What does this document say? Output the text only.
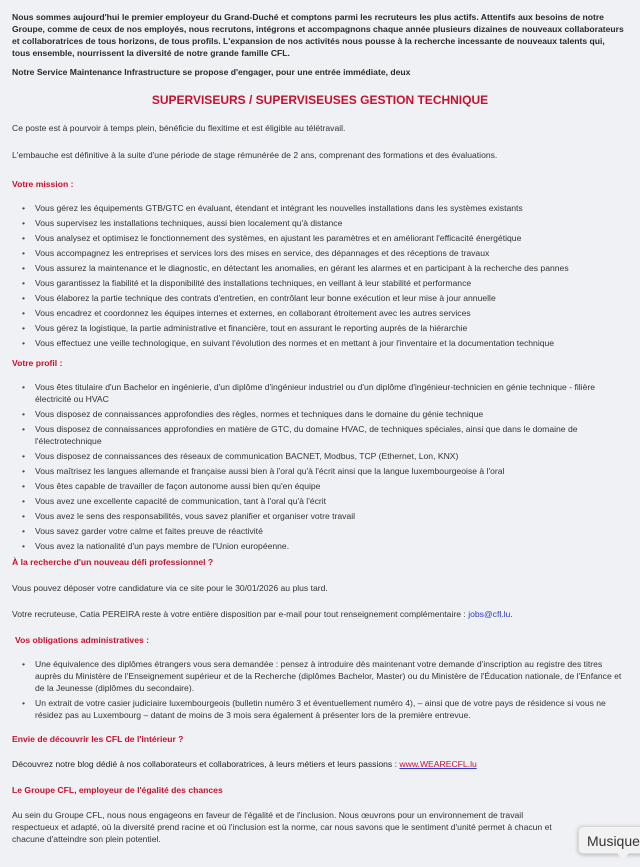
Nous sommes aujourd'hui le premier employeur du Grand-Duché et comptons parmi les recruteurs les plus actifs. Attentifs aux besoins de notre Groupe, comme de ceux de nos employés, nous recrutons, intégrons et accompagnons chaque année plusieurs dizaines de nouveaux collaborateurs et collaboratrices de tous horizons, de tous profils. L'expansion de nos activités nous pousse à la recherche incessante de nouveaux talents qui, tous ensemble, nourrissent la diversité de notre grande famille CFL.

Notre Service Maintenance Infrastructure se propose d'engager, pour une entrée immédiate, deux

SUPERVISEURS / SUPERVISEUSES GESTION TECHNIQUE

Ce poste est à pourvoir à temps plein, bénéficie du flexitime et est éligible au télétravail.

L'embauche est définitive à la suite d'une période de stage rémunérée de 2 ans, comprenant des formations et des évaluations.

Votre mission :
• Vous gérez les équipements GTB/GTC en évaluant, étendant et intégrant les nouvelles installations dans les systèmes existants
• Vous supervisez les installations techniques, aussi bien localement qu'à distance
• Vous analysez et optimisez le fonctionnement des systèmes, en ajustant les paramètres et en améliorant l'efficacité énergétique
• Vous accompagnez les entreprises et services lors des mises en service, des dépannages et des réceptions de travaux
• Vous assurez la maintenance et le diagnostic, en détectant les anomalies, en gérant les alarmes et en participant à la recherche des pannes
• Vous garantissez la fiabilité et la disponibilité des installations techniques, en veillant à leur stabilité et performance
• Vous élaborez la partie technique des contrats d'entretien, en contrôlant leur bonne exécution et leur mise à jour annuelle
• Vous encadrez et coordonnez les équipes internes et externes, en collaborant étroitement avec les autres services
• Vous gérez la logistique, la partie administrative et financière, tout en assurant le reporting auprès de la hiérarchie
• Vous effectuez une veille technologique, en suivant l'évolution des normes et en mettant à jour l'inventaire et la documentation technique
Votre profil :
• Vous êtes titulaire d'un Bachelor en ingénierie, d'un diplôme d'ingénieur industriel ou d'un diplôme d'ingénieur-technicien en génie technique - filière électricité ou HVAC
• Vous disposez de connaissances approfondies des règles, normes et techniques dans le domaine du génie technique
• Vous disposez de connaissances approfondies en matière de GTC, du domaine HVAC, de techniques spéciales, ainsi que dans le domaine de l'électrotechnique
• Vous disposez de connaissances des réseaux de communication BACNET, Modbus, TCP (Ethernet, Lon, KNX)
• Vous maîtrisez les langues allemande et française aussi bien à l'oral qu'à l'écrit ainsi que la langue luxembourgeoise à l'oral
• Vous êtes capable de travailler de façon autonome aussi bien qu'en équipe
• Vous avez une excellente capacité de communication, tant à l'oral qu'à l'écrit
• Vous avez le sens des responsabilités, vous savez planifier et organiser votre travail
• Vous savez garder votre calme et faites preuve de réactivité
• Vous avez la nationalité d'un pays membre de l'Union européenne.
À la recherche d'un nouveau défi professionnel ?

Vous pouvez déposer votre candidature via ce site pour le 30/01/2026 au plus tard.

Votre recruteuse, Catia PEREIRA reste à votre entière disposition par e-mail pour tout renseignement complémentaire : jobs@cfl.lu.

Vos obligations administratives :
• Une équivalence des diplômes étrangers vous sera demandée : pensez à introduire dès maintenant votre demande d'inscription au registre des titres auprès du Ministère de l'Enseignement supérieur et de la Recherche (diplômes Bachelor, Master) ou du Ministère de l'Éducation nationale, de l'Enfance et de la Jeunesse (diplômes du secondaire).
• Un extrait de votre casier judiciaire luxembourgeois (bulletin numéro 3 et éventuellement numéro 4), – ainsi que de votre pays de résidence si vous ne résidez pas au Luxembourg – datant de moins de 3 mois sera également à présenter lors de la première entrevue.
Envie de découvrir les CFL de l'intérieur ?

Découvrez notre blog dédié à nos collaborateurs et collaboratrices, à leurs métiers et leurs passions : www.WEARECFL.lu

Le Groupe CFL, employeur de l'égalité des chances

Au sein du Groupe CFL, nous nous engageons en faveur de l'égalité et de l'inclusion. Nous œuvrons pour un environnement de travail respectueux et adapté, où la diversité prend racine et où l'inclusion est la norme, car nous savons que le sentiment d'unité permet à chacun et chacune d'atteindre son plein potentiel.	Musique
